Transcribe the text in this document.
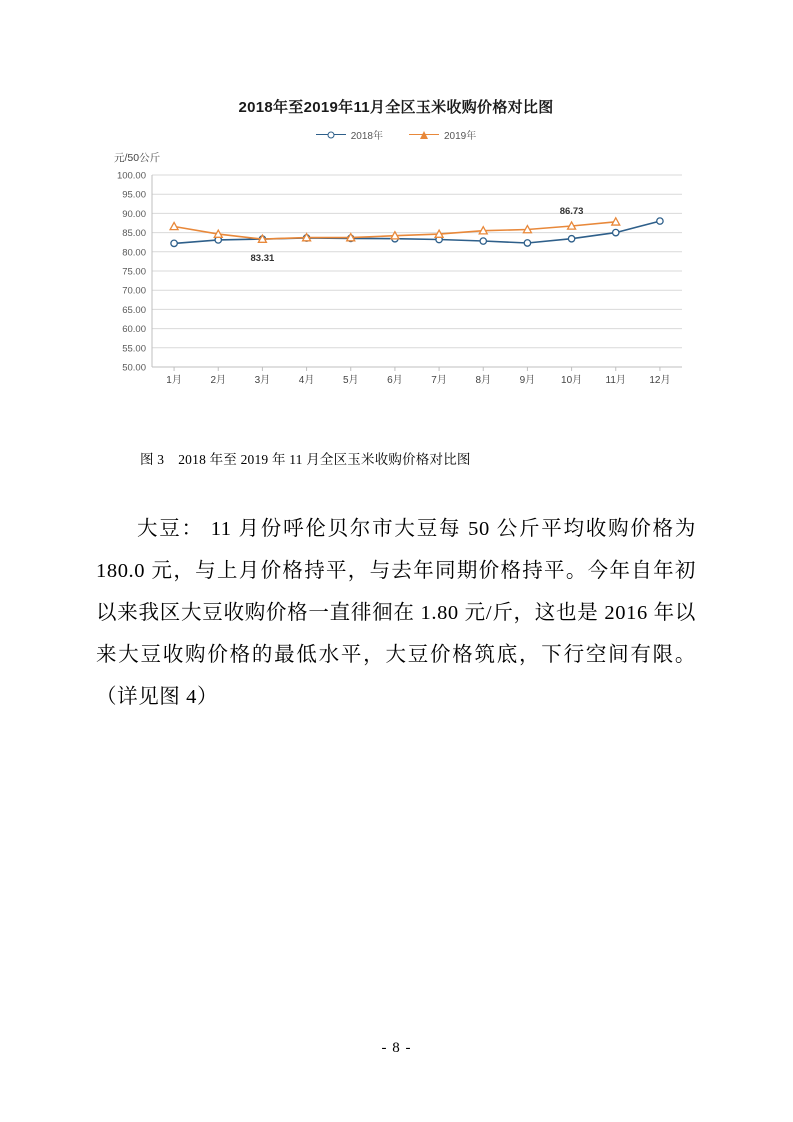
2018年至2019年11月全区玉米收购价格对比图
2018年	2019年
元/50公斤
100.00
95.00
90.00
85.00
80.00
75.00
70.00
65.00
60.00
55.00
50.00
1月	2月	3月	4月	5月	6月	7月	8月	9月	10月 11月 12月
83.31
86.73
图 3 2018 年至 2019 年 11 月全区玉米收购价格对比图
大豆： 11 月份呼伦贝尔市大豆每 50 公斤平均收购价格为 180.0 元，与上月价格持平，与去年同期价格持平。今年自年初以来我区大豆收购价格一直徘徊在 1.80 元/斤，这也是 2016 年以来大豆收购价格的最低水平，大豆价格筑底，下行空间有限。（详见图 4）
- 8 -
